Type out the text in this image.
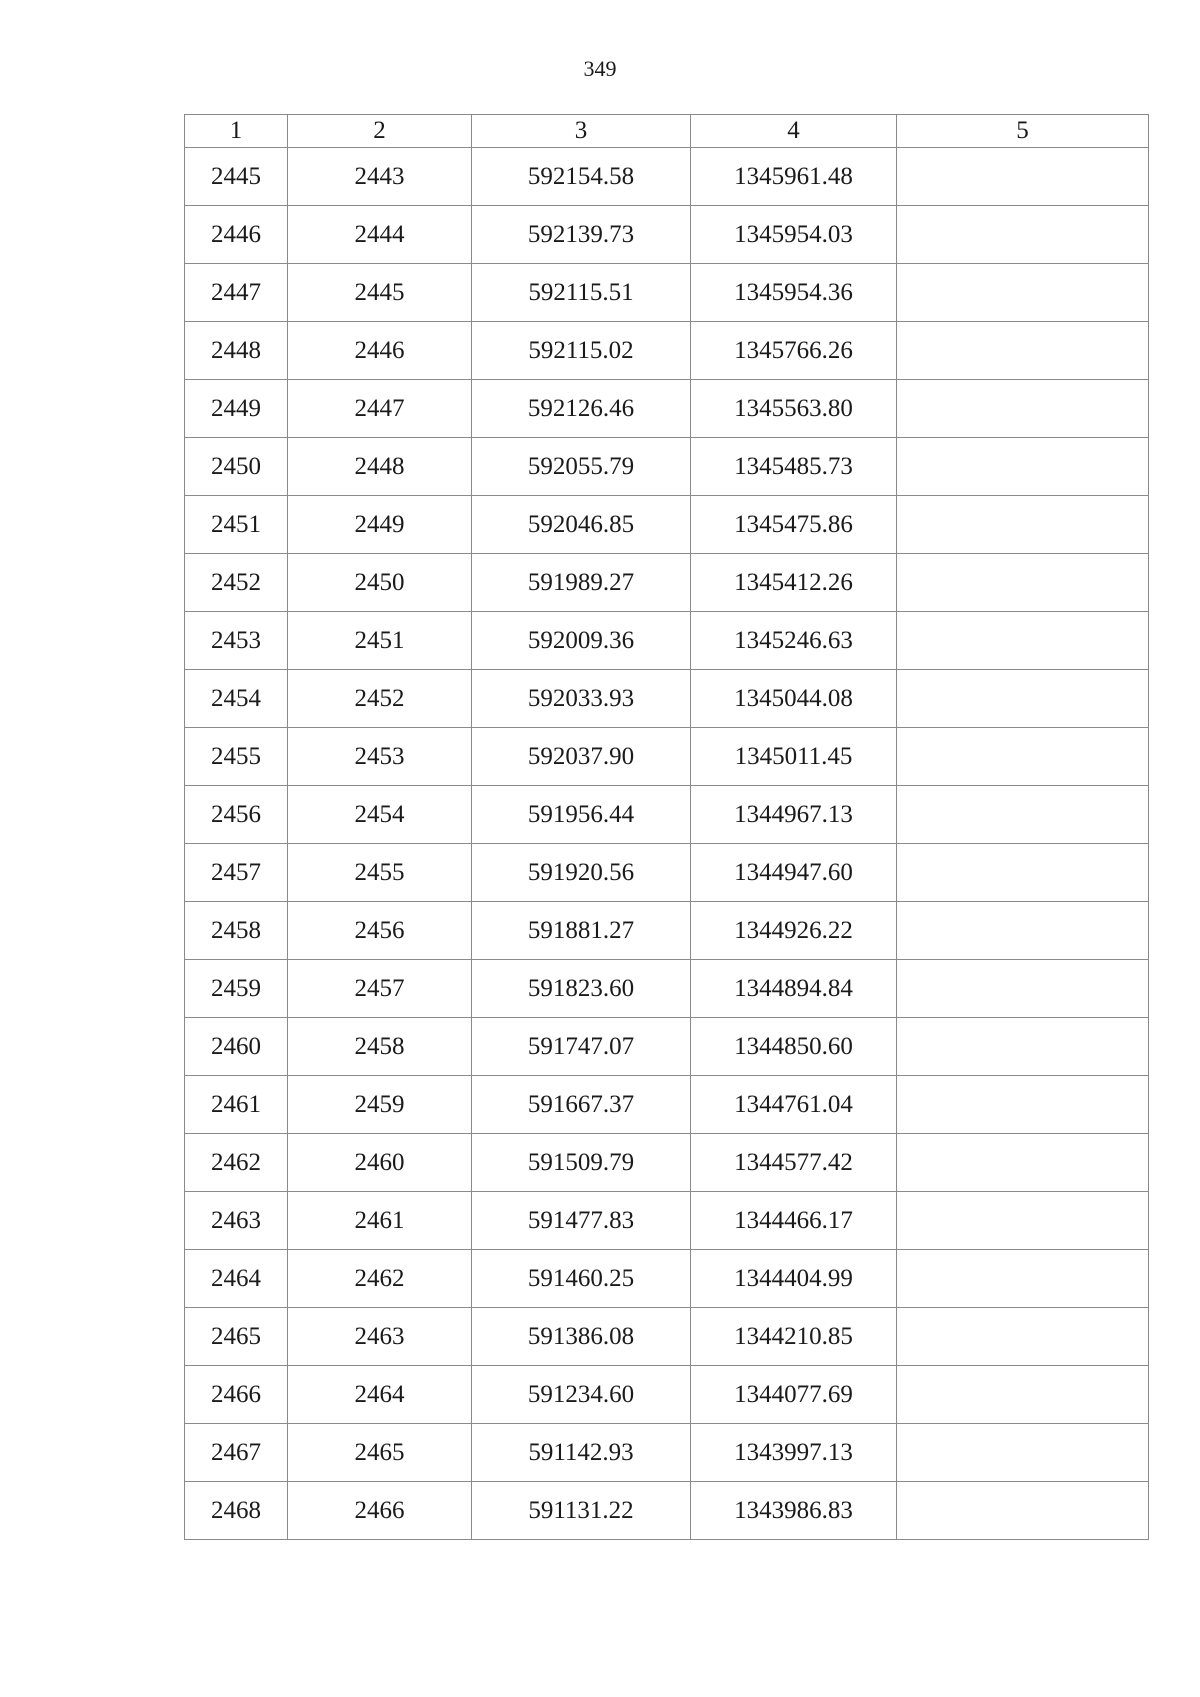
349
1	2	3	4	5
2445	2443	592154.58	1345961.48	
2446	2444	592139.73	1345954.03	
2447	2445	592115.51	1345954.36	
2448	2446	592115.02	1345766.26	
2449	2447	592126.46	1345563.80	
2450	2448	592055.79	1345485.73	
2451	2449	592046.85	1345475.86	
2452	2450	591989.27	1345412.26	
2453	2451	592009.36	1345246.63	
2454	2452	592033.93	1345044.08	
2455	2453	592037.90	1345011.45	
2456	2454	591956.44	1344967.13	
2457	2455	591920.56	1344947.60	
2458	2456	591881.27	1344926.22	
2459	2457	591823.60	1344894.84	
2460	2458	591747.07	1344850.60	
2461	2459	591667.37	1344761.04	
2462	2460	591509.79	1344577.42	
2463	2461	591477.83	1344466.17	
2464	2462	591460.25	1344404.99	
2465	2463	591386.08	1344210.85	
2466	2464	591234.60	1344077.69	
2467	2465	591142.93	1343997.13	
2468	2466	591131.22	1343986.83	
